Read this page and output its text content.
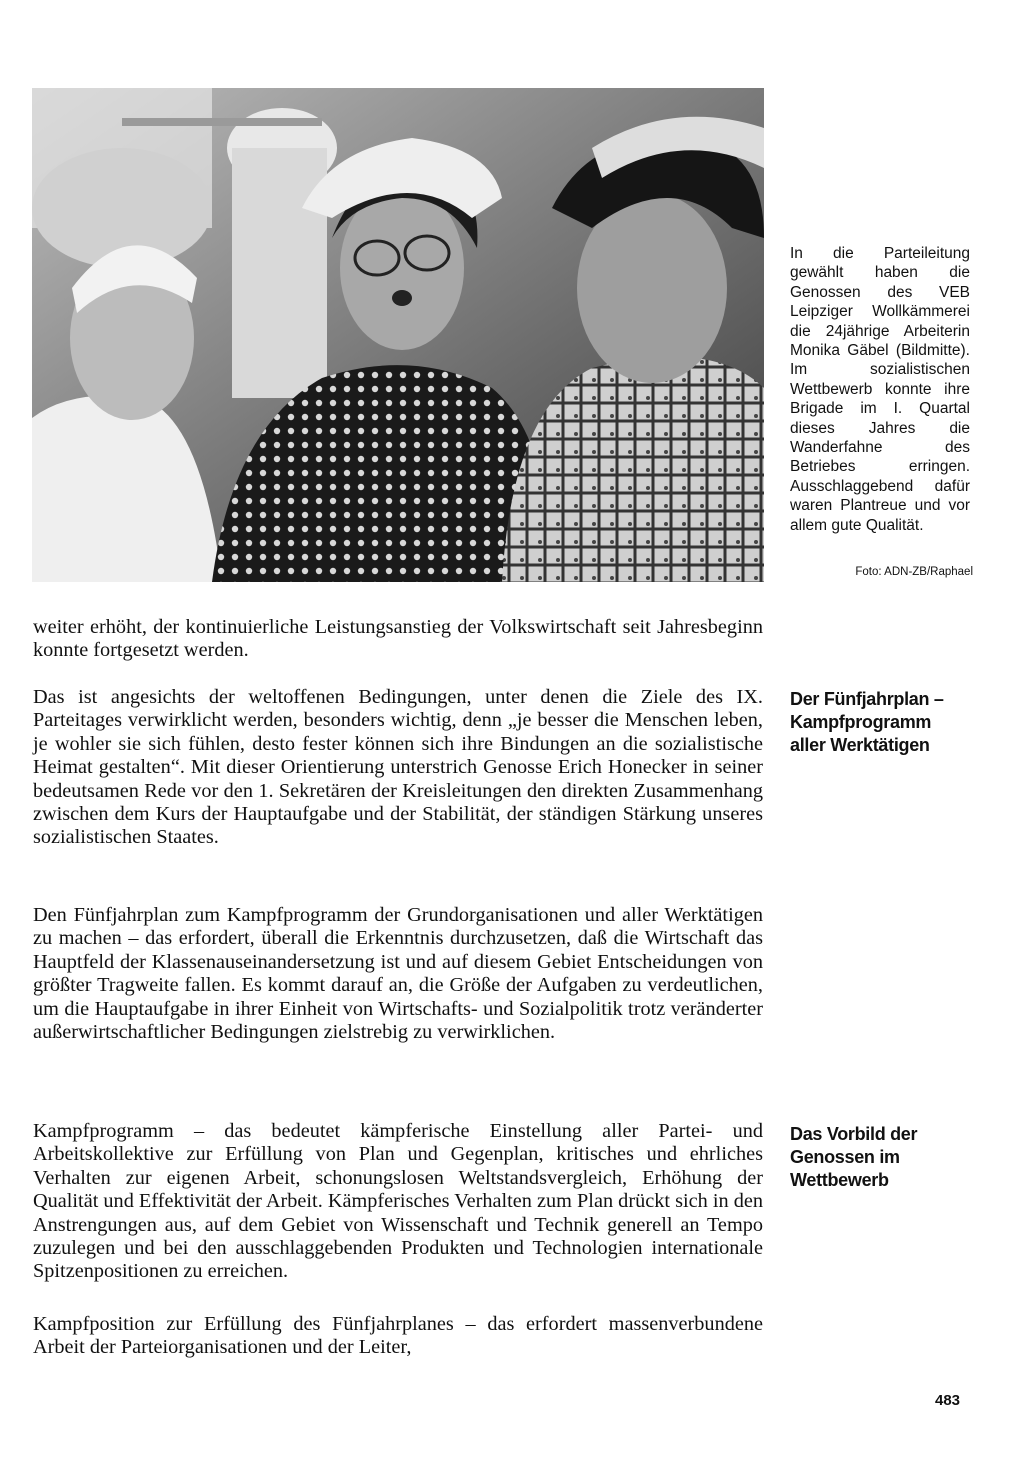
In die Parteileitung gewählt haben die Genossen des VEB Leipziger Wollkämmerei die 24jährige Arbeiterin Monika Gäbel (Bildmitte). Im sozialistischen Wettbewerb konnte ihre Brigade im I. Quartal dieses Jahres die Wanderfahne des Betriebes erringen. Ausschlaggebend dafür waren Plantreue und vor allem gute Qualität.
Foto: ADN-ZB/Raphael

weiter erhöht, der kontinuierliche Leistungsanstieg der Volkswirtschaft seit Jahresbeginn konnte fortgesetzt werden.

Das ist angesichts der weltoffenen Bedingungen, unter denen die Ziele des IX. Parteitages verwirklicht werden, besonders wichtig, denn „je besser die Menschen leben, je wohler sie sich fühlen, desto fester können sich ihre Bindungen an die sozialistische Heimat gestalten“. Mit dieser Orientierung unterstrich Genosse Erich Honecker in seiner bedeutsamen Rede vor den 1. Sekretären der Kreisleitungen den direkten Zusammenhang zwischen dem Kurs der Hauptaufgabe und der Stabilität, der ständigen Stärkung unseres sozialistischen Staates.

Den Fünfjahrplan zum Kampfprogramm der Grundorganisationen und aller Werktätigen zu machen – das erfordert, überall die Erkenntnis durchzusetzen, daß die Wirtschaft das Hauptfeld der Klassenauseinandersetzung ist und auf diesem Gebiet Entscheidungen von größter Tragweite fallen. Es kommt darauf an, die Größe der Aufgaben zu verdeutlichen, um die Hauptaufgabe in ihrer Einheit von Wirtschafts- und Sozialpolitik trotz veränderter außerwirtschaftlicher Bedingungen zielstrebig zu verwirklichen.

Kampfprogramm – das bedeutet kämpferische Einstellung aller Partei- und Arbeitskollektive zur Erfüllung von Plan und Gegenplan, kritisches und ehrliches Verhalten zur eigenen Arbeit, schonungslosen Weltstandsvergleich, Erhöhung der Qualität und Effektivität der Arbeit. Kämpferisches Verhalten zum Plan drückt sich in den Anstrengungen aus, auf dem Gebiet von Wissenschaft und Technik generell an Tempo zuzulegen und bei den ausschlaggebenden Produkten und Technologien internationale Spitzenpositionen zu erreichen.

Kampfposition zur Erfüllung des Fünfjahrplanes – das erfordert massenverbundene Arbeit der Parteiorganisationen und der Leiter,

Der Fünfjahrplan –
Kampfprogramm
aller Werktätigen
Das Vorbild der
Genossen im
Wettbewerb
483
